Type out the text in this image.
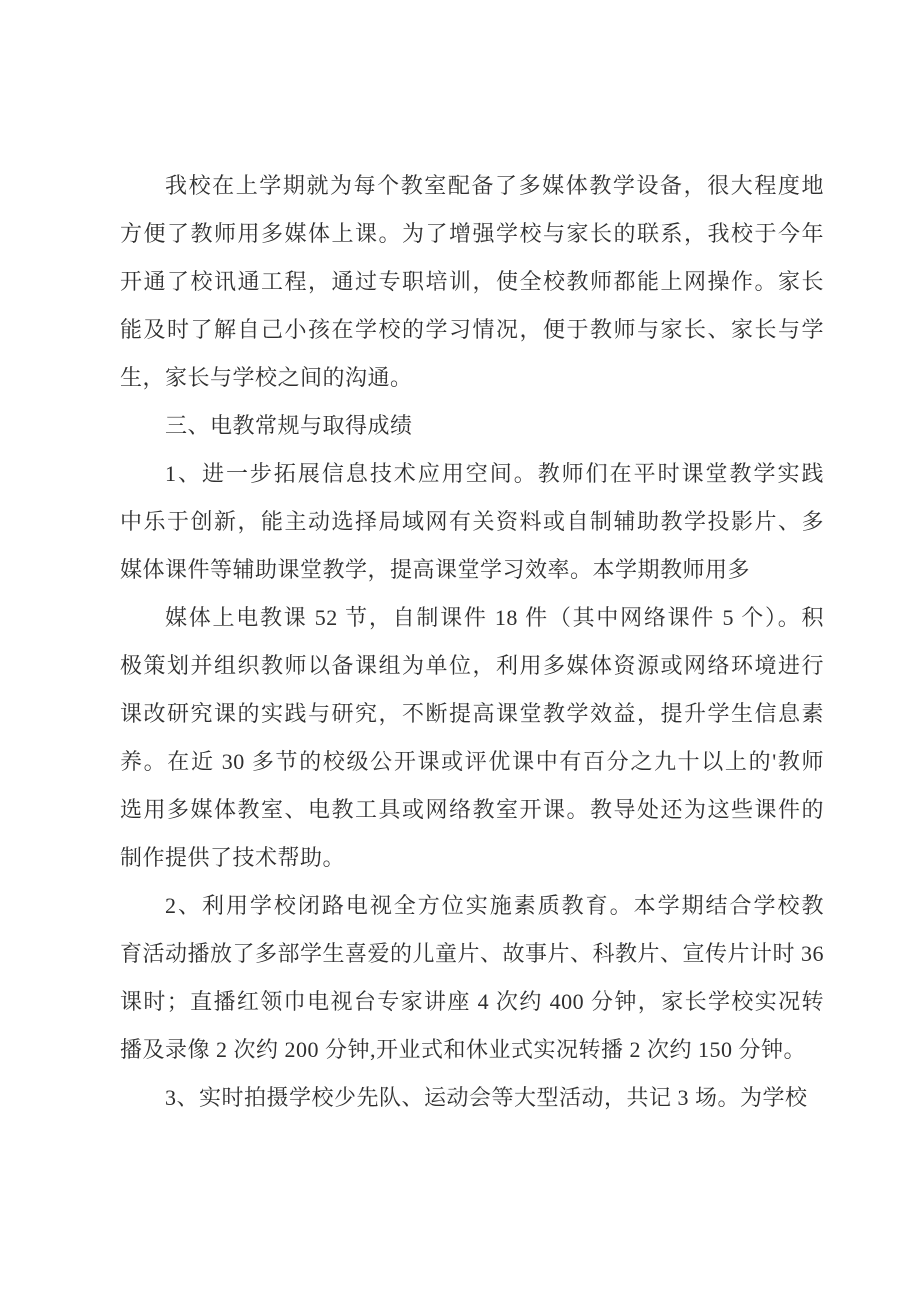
我校在上学期就为每个教室配备了多媒体教学设备，很大程度地
方便了教师用多媒体上课。为了增强学校与家长的联系，我校于今年
开通了校讯通工程，通过专职培训，使全校教师都能上网操作。家长
能及时了解自己小孩在学校的学习情况，便于教师与家长、家长与学
生，家长与学校之间的沟通。
三、电教常规与取得成绩
1、进一步拓展信息技术应用空间。教师们在平时课堂教学实践
中乐于创新，能主动选择局域网有关资料或自制辅助教学投影片、多
媒体课件等辅助课堂教学，提高课堂学习效率。本学期教师用多
媒体上电教课 52 节，自制课件 18 件（其中网络课件 5 个）。积
极策划并组织教师以备课组为单位，利用多媒体资源或网络环境进行
课改研究课的实践与研究，不断提高课堂教学效益，提升学生信息素
养。在近 30 多节的校级公开课或评优课中有百分之九十以上的'教师
选用多媒体教室、电教工具或网络教室开课。教导处还为这些课件的
制作提供了技术帮助。
2、利用学校闭路电视全方位实施素质教育。本学期结合学校教
育活动播放了多部学生喜爱的儿童片、故事片、科教片、宣传片计时 36
课时；直播红领巾电视台专家讲座 4 次约 400 分钟，家长学校实况转
播及录像 2 次约 200 分钟,开业式和休业式实况转播 2 次约 150 分钟。
3、实时拍摄学校少先队、运动会等大型活动，共记 3 场。为学校
